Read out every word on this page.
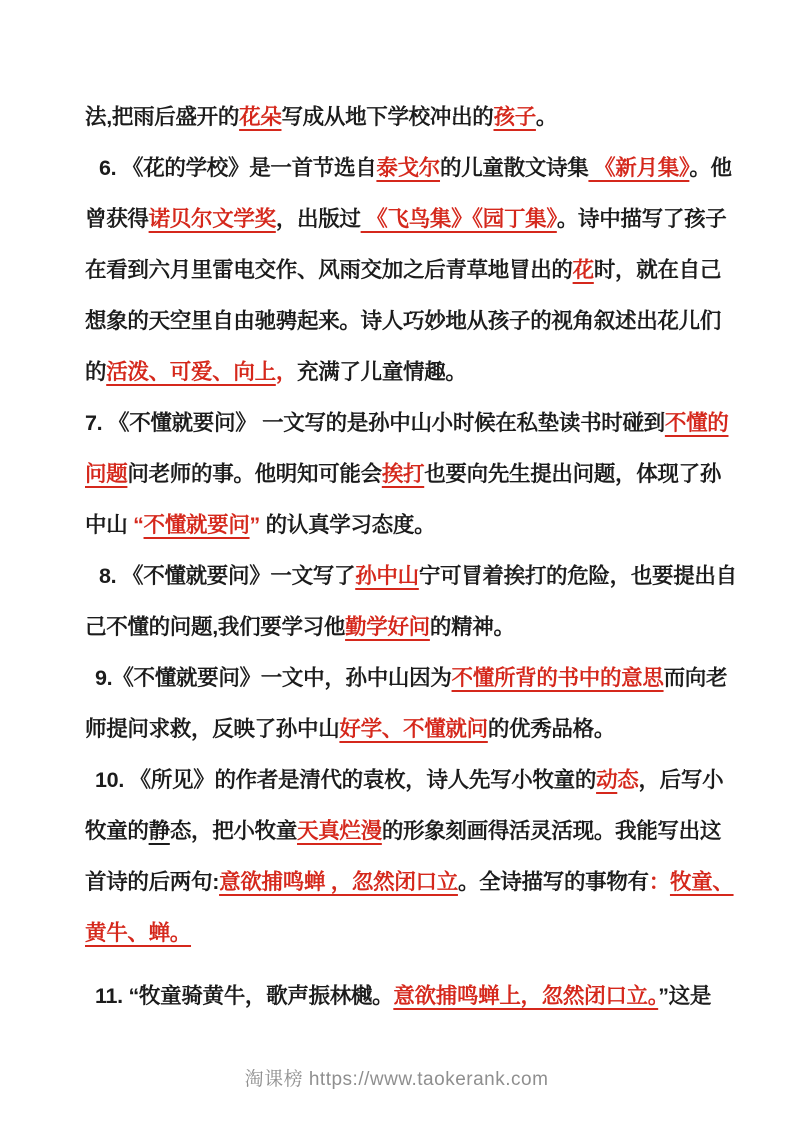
法,把雨后盛开的花朵写成从地下学校冲出的孩子。
6. 《花的学校》是一首节选自泰戈尔的儿童散文诗集 《新月集》。他
曾获得诺贝尔文学奖，出版过 《飞鸟集》《园丁集》。诗中描写了孩子
在看到六月里雷电交作、风雨交加之后青草地冒出的花时，就在自己
想象的天空里自由驰骋起来。诗人巧妙地从孩子的视角叙述出花儿们
的活泼、可爱、向上，充满了儿童情趣。
7. 《不懂就要问》 一文写的是孙中山小时候在私垫读书时碰到不懂的
问题问老师的事。他明知可能会挨打也要向先生提出问题，体现了孙
中山 “不懂就要问” 的认真学习态度。
8. 《不懂就要问》一文写了孙中山宁可冒着挨打的危险，也要提出自
己不懂的问题,我们要学习他勤学好问的精神。
9.《不懂就要问》一文中，孙中山因为不懂所背的书中的意思而向老
师提问求救，反映了孙中山好学、不懂就问的优秀品格。
10. 《所见》的作者是清代的袁枚，诗人先写小牧童的动态，后写小
牧童的静态，把小牧童天真烂漫的形象刻画得活灵活现。我能写出这
首诗的后两句:意欲捕鸣蝉 ，忽然闭口立。全诗描写的事物有：牧童、
黄牛、蝉。
11. “牧童骑黄牛，歌声振林樾。意欲捕鸣蝉上，忽然闭口立。”这是
淘课榜 https://www.taokerank.com
